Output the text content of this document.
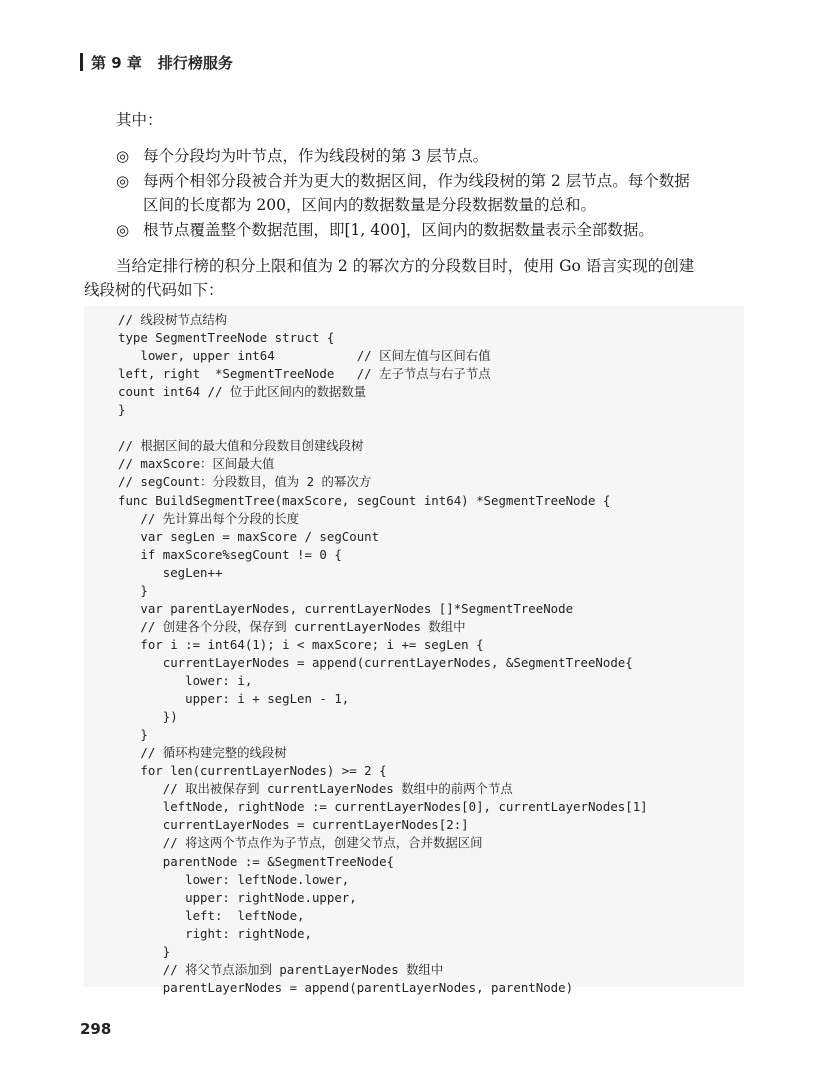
第 9 章 排行榜服务
其中：
◎ 每个分段均为叶节点，作为线段树的第 3 层节点。
◎ 每两个相邻分段被合并为更大的数据区间，作为线段树的第 2 层节点。每个数据
区间的长度都为 200，区间内的数据数量是分段数据数量的总和。
◎ 根节点覆盖整个数据范围，即[1, 400]，区间内的数据数量表示全部数据。
当给定排行榜的积分上限和值为 2 的幂次方的分段数目时，使用 Go 语言实现的创建
线段树的代码如下：
// 线段树节点结构
type SegmentTreeNode struct {
lower, upper int64           // 区间左值与区间右值
left, right  *SegmentTreeNode   // 左子节点与右子节点
count int64 // 位于此区间内的数据数量
}
// 根据区间的最大值和分段数目创建线段树
// maxScore：区间最大值
// segCount：分段数目，值为 2 的幂次方
func BuildSegmentTree(maxScore, segCount int64) *SegmentTreeNode {
// 先计算出每个分段的长度
var segLen = maxScore / segCount
if maxScore%segCount != 0 {
segLen++
}
var parentLayerNodes, currentLayerNodes []*SegmentTreeNode
// 创建各个分段，保存到 currentLayerNodes 数组中
for i := int64(1); i < maxScore; i += segLen {
currentLayerNodes = append(currentLayerNodes, &SegmentTreeNode{
lower: i,
upper: i + segLen - 1,
})
}
// 循环构建完整的线段树
for len(currentLayerNodes) >= 2 {
// 取出被保存到 currentLayerNodes 数组中的前两个节点
leftNode, rightNode := currentLayerNodes[0], currentLayerNodes[1]
currentLayerNodes = currentLayerNodes[2:]
// 将这两个节点作为子节点，创建父节点，合并数据区间
parentNode := &SegmentTreeNode{
lower: leftNode.lower,
upper: rightNode.upper,
left:  leftNode,
right: rightNode,
}
// 将父节点添加到 parentLayerNodes 数组中
parentLayerNodes = append(parentLayerNodes, parentNode)
298
